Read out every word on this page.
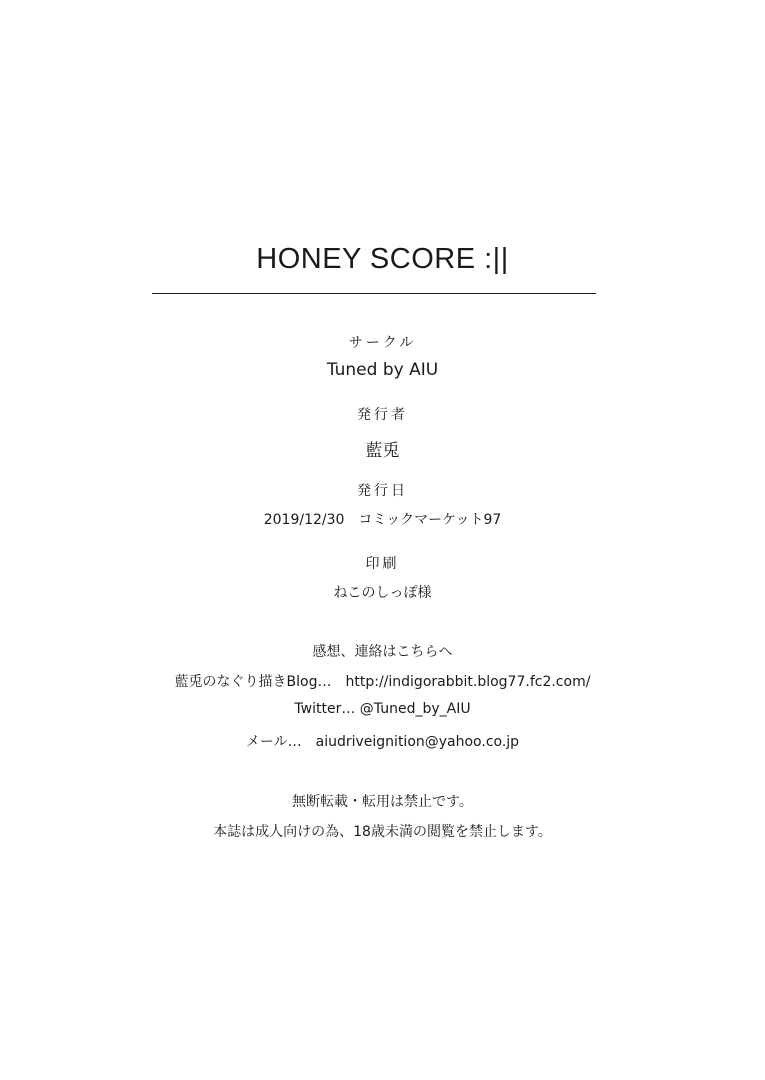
HONEY SCORE :||
サークル
Tuned by AIU
発行者
藍兎
発行日
2019/12/30　コミックマーケット97
印刷
ねこのしっぽ様
感想、連絡はこちらへ
藍兎のなぐり描きBlog…　http://indigorabbit.blog77.fc2.com/
Twitter… @Tuned_by_AIU
メール…　aiudriveignition@yahoo.co.jp
無断転載・転用は禁止です。
本誌は成人向けの為、18歳未満の閲覧を禁止します。
